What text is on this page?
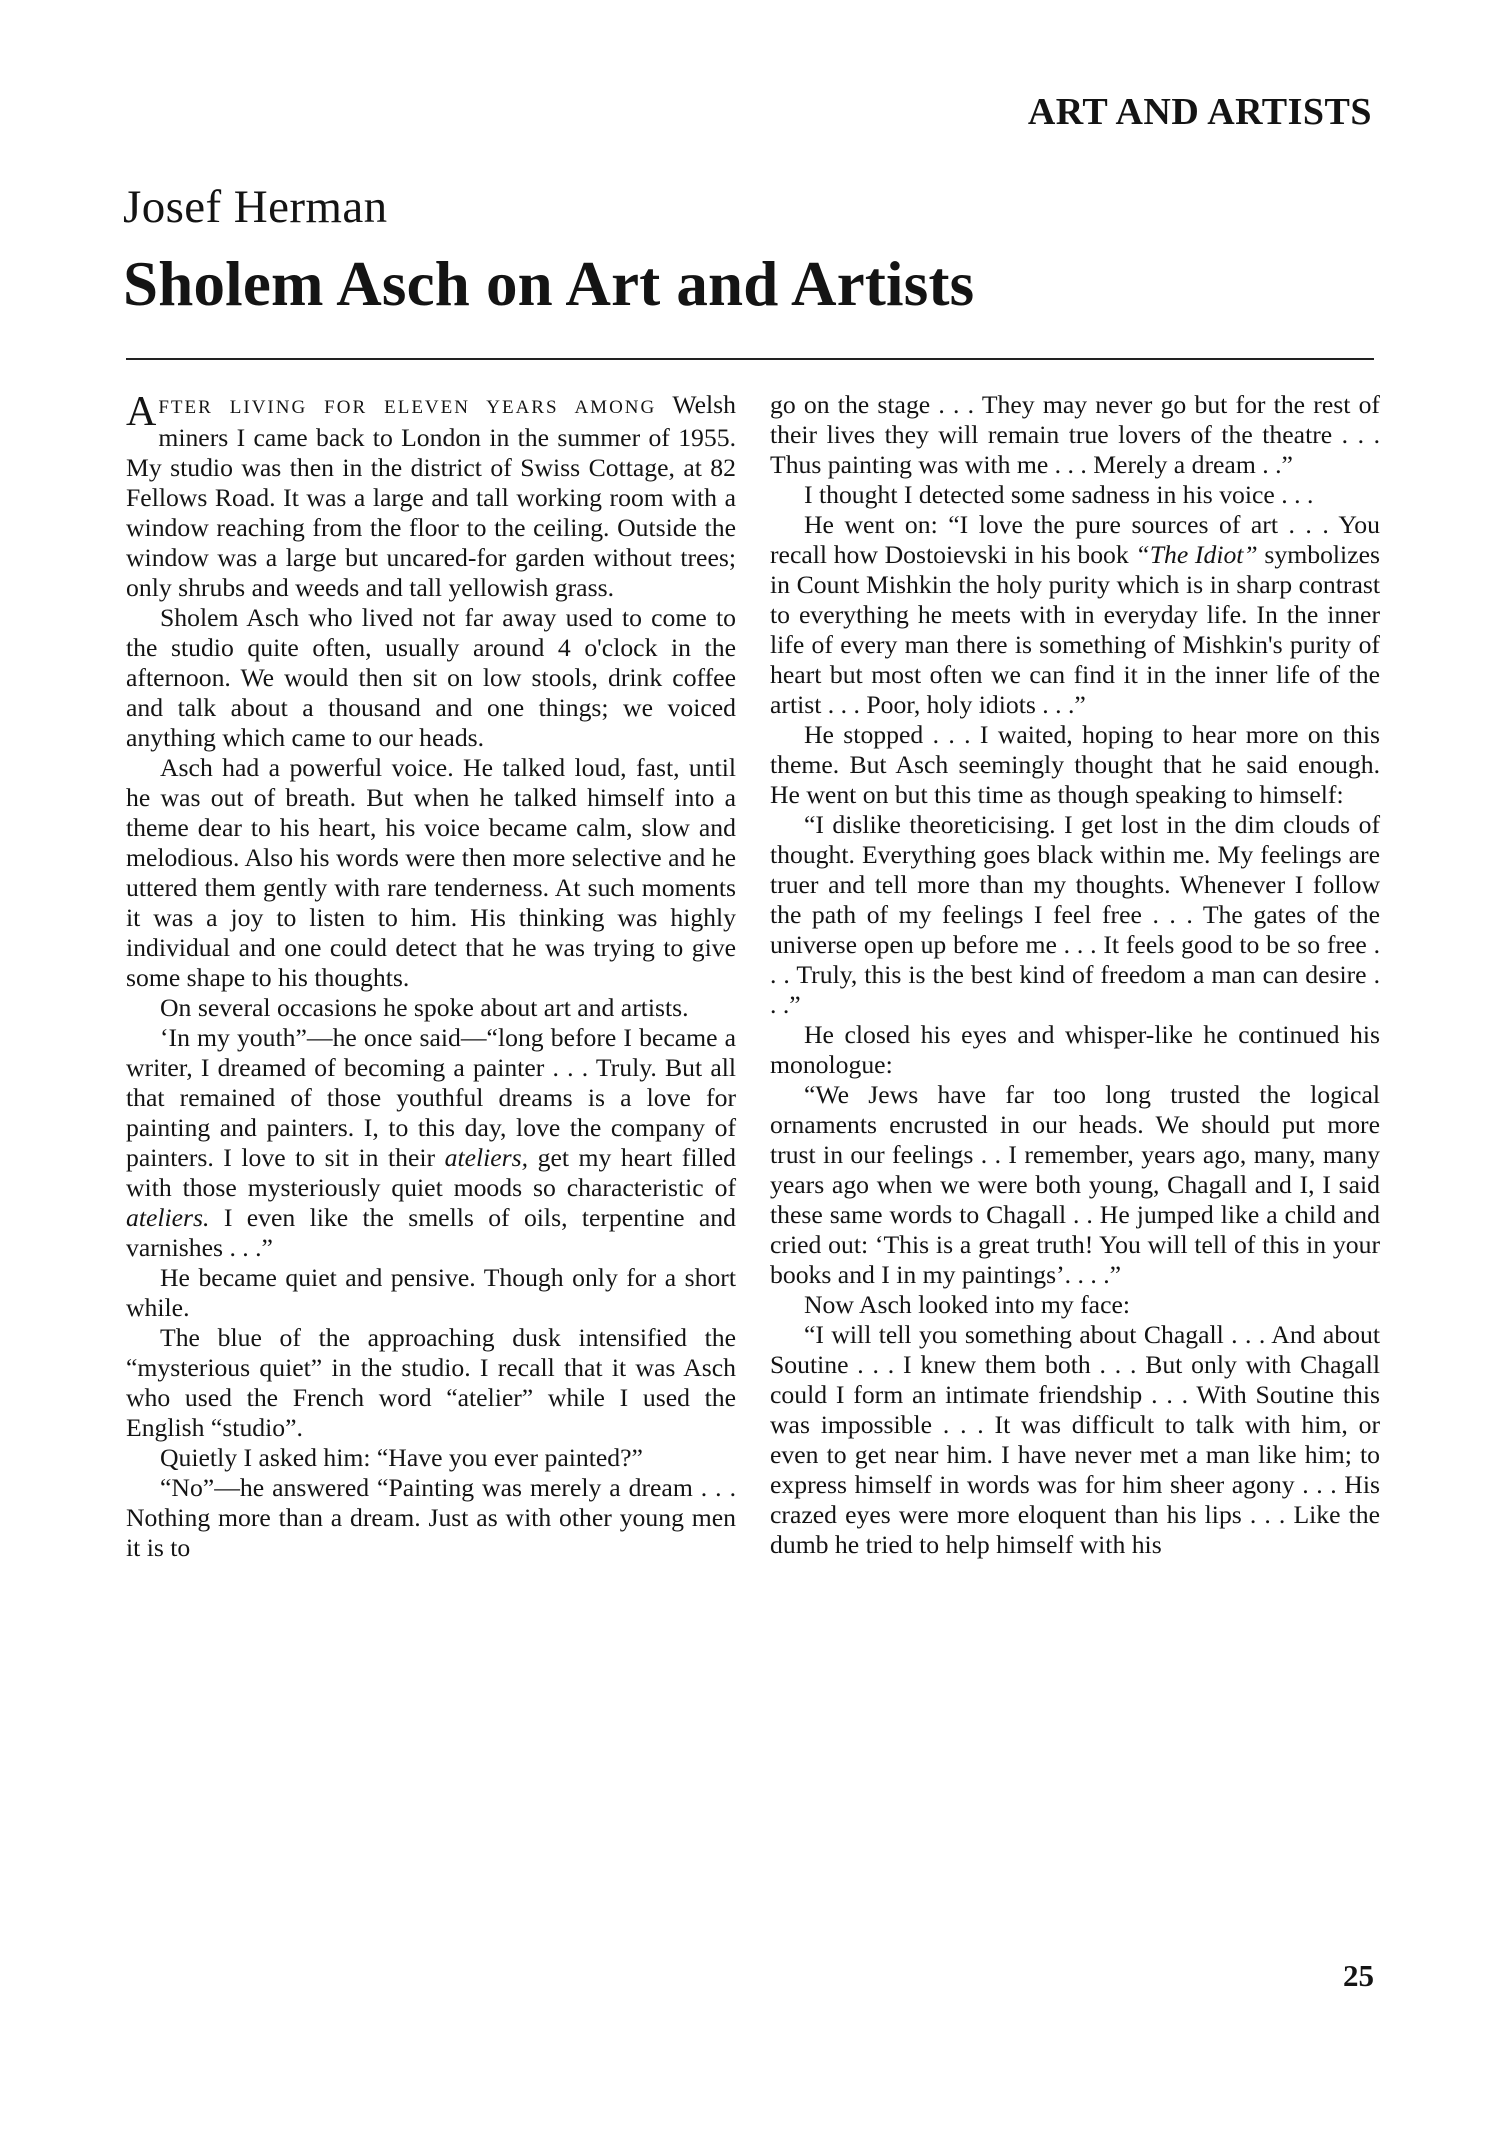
ART AND ARTISTS
Josef Herman
Sholem Asch on Art and Artists

AFTER LIVING FOR ELEVEN YEARS AMONG Welsh miners I came back to London in the summer of 1955. My studio was then in the district of Swiss Cottage, at 82 Fellows Road. It was a large and tall working room with a window reaching from the floor to the ceiling. Outside the window was a large but uncared-for garden without trees; only shrubs and weeds and tall yellowish grass.

Sholem Asch who lived not far away used to come to the studio quite often, usually around 4 o'clock in the afternoon. We would then sit on low stools, drink coffee and talk about a thousand and one things; we voiced anything which came to our heads.

Asch had a powerful voice. He talked loud, fast, until he was out of breath. But when he talked himself into a theme dear to his heart, his voice became calm, slow and melodious. Also his words were then more selective and he uttered them gently with rare tenderness. At such moments it was a joy to listen to him. His thinking was highly individual and one could detect that he was trying to give some shape to his thoughts.

On several occasions he spoke about art and artists.

‘In my youth”—he once said—“long before I became a writer, I dreamed of becoming a painter . . . Truly. But all that remained of those youthful dreams is a love for painting and painters. I, to this day, love the company of painters. I love to sit in their ateliers, get my heart filled with those mysteriously quiet moods so characteristic of ateliers. I even like the smells of oils, terpentine and varnishes . . .”

He became quiet and pensive. Though only for a short while.

The blue of the approaching dusk intensified the “mysterious quiet” in the studio. I recall that it was Asch who used the French word “atelier” while I used the English “studio”.

Quietly I asked him: “Have you ever painted?”

“No”—he answered “Painting was merely a dream . . . Nothing more than a dream. Just as with other young men it is to

go on the stage . . . They may never go but for the rest of their lives they will remain true lovers of the theatre . . . Thus painting was with me . . . Merely a dream . .”

I thought I detected some sadness in his voice . . .

He went on: “I love the pure sources of art . . . You recall how Dostoievski in his book “The Idiot” symbolizes in Count Mishkin the holy purity which is in sharp contrast to everything he meets with in everyday life. In the inner life of every man there is something of Mishkin's purity of heart but most often we can find it in the inner life of the artist . . . Poor, holy idiots . . .”

He stopped . . . I waited, hoping to hear more on this theme. But Asch seemingly thought that he said enough. He went on but this time as though speaking to himself:

“I dislike theoreticising. I get lost in the dim clouds of thought. Everything goes black within me. My feelings are truer and tell more than my thoughts. Whenever I follow the path of my feelings I feel free . . . The gates of the universe open up before me . . . It feels good to be so free . . . Truly, this is the best kind of freedom a man can desire . . .”

He closed his eyes and whisper-like he continued his monologue:

“We Jews have far too long trusted the logical ornaments encrusted in our heads. We should put more trust in our feelings . . I remember, years ago, many, many years ago when we were both young, Chagall and I, I said these same words to Chagall . . He jumped like a child and cried out: ‘This is a great truth! You will tell of this in your books and I in my paintings’. . . .”

Now Asch looked into my face:

“I will tell you something about Chagall . . . And about Soutine . . . I knew them both . . . But only with Chagall could I form an intimate friendship . . . With Soutine this was impossible . . . It was difficult to talk with him, or even to get near him. I have never met a man like him; to express himself in words was for him sheer agony . . . His crazed eyes were more eloquent than his lips . . . Like the dumb he tried to help himself with his

25
